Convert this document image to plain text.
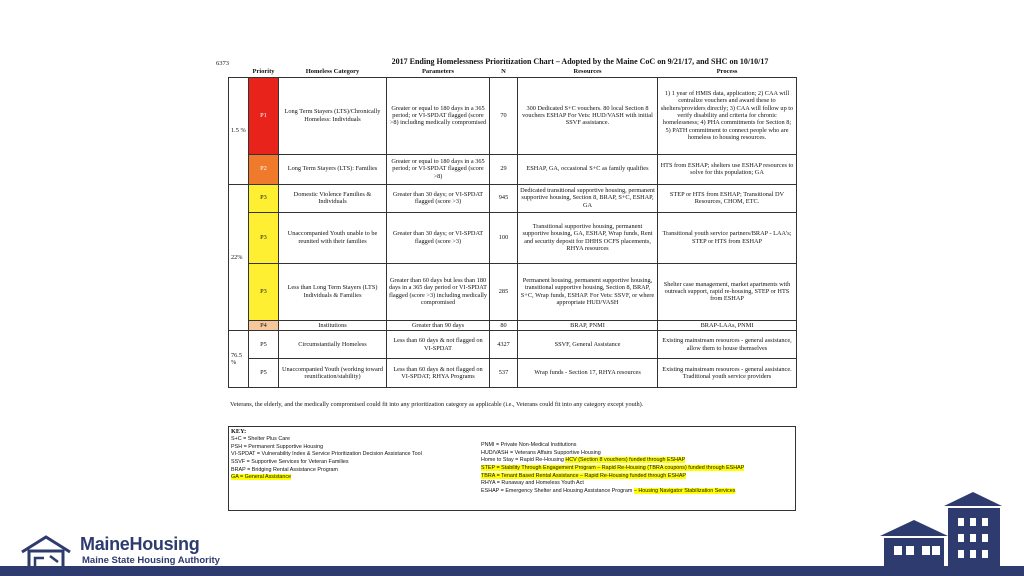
6373	2017 Ending Homelessness Prioritization Chart – Adopted by the Maine CoC on 9/21/17, and SHC on 10/10/17
	Priority	Homeless Category	Parameters	N	Resources	Process
1.5 %	P1	Long Term Stayers (LTS)/Chronically Homeless: Individuals	Greater or equal to 180 days in a 365 period; or VI-SPDAT flagged (score >8) including medically compromised	70	300 Dedicated S+C vouchers. 80 local Section 8 vouchers ESHAP For Vets: HUD/VASH with initial SSVF assistance.	1) 1 year of HMIS data, application; 2) CAA will centralize vouchers and award these to shelters/providers directly; 3) CAA will follow up to verify disability and criteria for chronic homelessness; 4) PHA commitments for Section 8; 5) PATH commitment to connect people who are homeless to housing resources.
	P2	Long Term Stayers (LTS): Families	Greater or equal to 180 days in a 365 period; or VI-SPDAT flagged (score >8)	29	ESHAP, GA, occasional S+C as family qualifies	HTS from ESHAP; shelters use ESHAP resources to solve for this population; GA
22%	P3	Domestic Violence Families & Individuals	Greater than 30 days; or VI-SPDAT flagged (score >3)	945	Dedicated transitional supportive housing, permanent supportive housing, Section 8, BRAP, S+C, ESHAP, GA	STEP or HTS from ESHAP; Transitional DV Resources, CHOM, ETC.
	P3	Unaccompanied Youth unable to be reunited with their families	Greater than 30 days; or VI-SPDAT flagged (score >3)	100	Transitional supportive housing, permanent supportive housing, GA, ESHAP, Wrap funds, Rent and security deposit for DHHS OCFS placements, RHYA resources	Transitional youth service partners/BRAP - LAA's; STEP or HTS from ESHAP
	P3	Less than Long Term Stayers (LTS) Individuals & Families	Greater than 60 days but less than 180 days in a 365 day period or VI-SPDAT flagged (score >3) including medically compromised	285	Permanent housing, permanent supportive housing, transitional supportive housing, Section 8, BRAP, S+C, Wrap funds, ESHAP. For Vets: SSVF, or where appropriate HUD/VASH	Shelter case management, market apartments with outreach support, rapid re-housing, STEP or HTS from ESHAP
	P4	Institutions	Greater than 90 days	80	BRAP, PNMI	BRAP-LAAs, PNMI
76.5 %	P5	Circumstantially Homeless	Less than 60 days & not flagged on VI-SPDAT	4327	SSVF, General Assistance	Existing mainstream resources - general assistance, allow them to house themselves
	P5	Unaccompanied Youth (working toward reunification/stability)	Less than 60 days & not flagged on VI-SPDAT; RHYA Programs	537	Wrap funds - Section 17, RHYA resources	Existing mainstream resources - general assistance. Traditional youth service providers
Veterans, the elderly, and the medically compromised could fit into any prioritization category as applicable (i.e., Veterans could fit into any category except youth).
KEY:
S+C = Shelter Plus Care
PSH = Permanent Supportive Housing
VI-SPDAT = Vulnerability Index & Service Prioritization Decision Assistance Tool
SSVF = Supportive Services for Veteran Families
BRAP = Bridging Rental Assistance Program
GA = General Assistance
PNMI = Private Non-Medical Institutions
HUD/VASH = Veterans Affairs Supportive Housing
Home to Stay = Rapid Re-Housing HCV (Section 8 vouchers) funded through ESHAP
STEP = Stability Through Engagement Program – Rapid Re-Housing (TBRA coupons) funded through ESHAP
TBRA = Tenant Based Rental Assistance – Rapid Re-Housing funded through ESHAP
RHYA = Runaway and Homeless Youth Act
ESHAP = Emergency Shelter and Housing Assistance Program – Housing Navigator Stabilization Services
MaineHousing
Maine State Housing Authority
